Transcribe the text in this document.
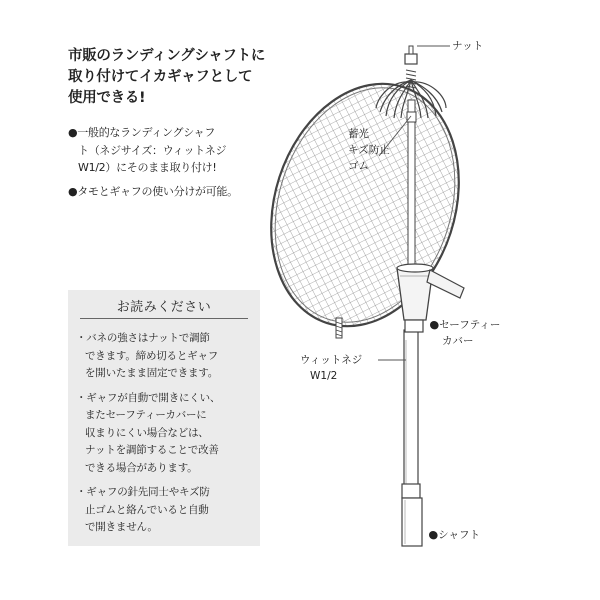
市販のランディングシャフトに
取り付けてイカギャフとして
使用できる!
●一般的なランディングシャフ
ト（ネジサイズ：ウィットネジ
W1/2）にそのまま取り付け!
●タモとギャフの使い分けが可能。
お読みください
・バネの強さはナットで調節
できます。締め切るとギャフ
を開いたまま固定できます。
・ギャフが自動で開きにくい、
またセーフティーカバーに
収まりにくい場合などは、
ナットを調節することで改善
できる場合があります。
・ギャフの針先同士やキズ防
止ゴムと絡んでいると自動
で開きません。
ナット
蓄光
キズ防止
ゴム
●セーフティー
カバー
ウィットネジ
W1/2
●シャフト
